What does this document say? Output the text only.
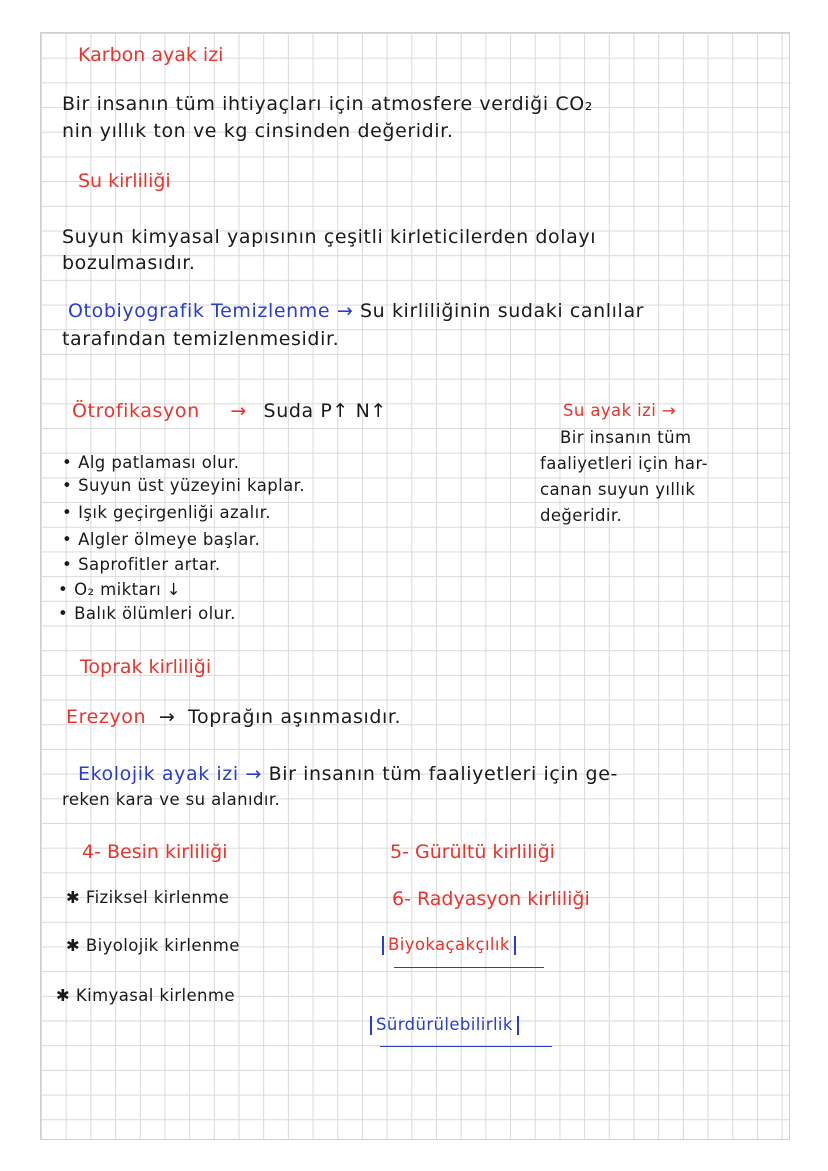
Karbon ayak izi
Bir insanın tüm ihtiyaçları için atmosfere verdiği CO₂
nin yıllık ton ve kg cinsinden değeridir.
Su kirliliği
Suyun kimyasal yapısının çeşitli kirleticilerden dolayı
bozulmasıdır.
Otobiyografik Temizlenme → Su kirliliğinin sudaki canlılar
tarafından temizlenmesidir.
Ötrofikasyon → Suda P↑ N↑
• Alg patlaması olur.
• Suyun üst yüzeyini kaplar.
• Işık geçirgenliği azalır.
• Algler ölmeye başlar.
• Saprofitler artar.
• O₂ miktarı ↓
• Balık ölümleri olur.
Su ayak izi →
Bir insanın tüm
faaliyetleri için har-
canan suyun yıllık
değeridir.
Toprak kirliliği
Erezyon → Toprağın aşınmasıdır.
Ekolojik ayak izi → Bir insanın tüm faaliyetleri için ge-
reken kara ve su alanıdır.
4- Besin kirliliği
✱ Fiziksel kirlenme
✱ Biyolojik kirlenme
✱ Kimyasal kirlenme
5- Gürültü kirliliği
6- Radyasyon kirliliği
Biyokaçakçılık
Sürdürülebilirlik
